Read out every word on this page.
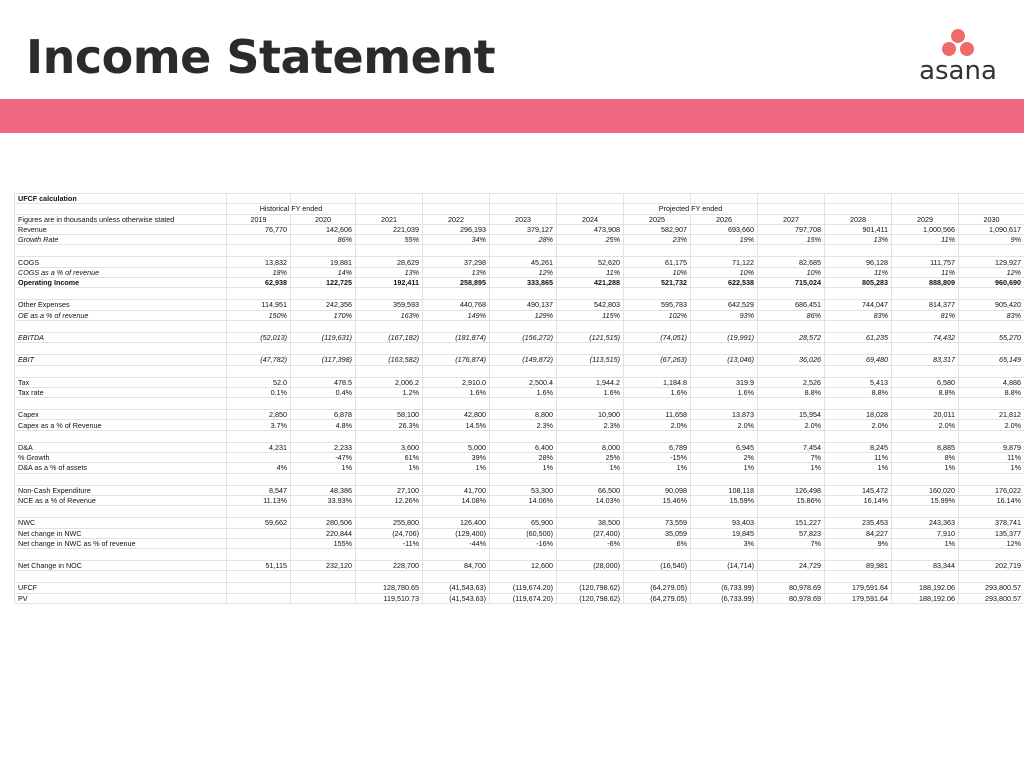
Income Statement	asana
UFCF calculation												
	Historical FY ended						Projected FY ended					
Figures are in thousands unless otherwise stated	2019	2020	2021	2022	2023	2024	2025	2026	2027	2028	2029	2030
Revenue	76,770	142,606	221,039	296,193	379,127	473,908	582,907	693,660	797,708	901,411	1,000,566	1,090,617
Growth Rate		86%	55%	34%	28%	25%	23%	19%	15%	13%	11%	9%

COGS	13,832	19,881	28,629	37,298	45,261	52,620	61,175	71,122	82,685	96,128	111,757	129,927
COGS as a % of revenue	18%	14%	13%	13%	12%	11%	10%	10%	10%	11%	11%	12%
Operating Income	62,938	122,725	192,411	258,895	333,865	421,288	521,732	622,538	715,024	805,283	888,809	960,690

Other Expenses	114,951	242,356	359,593	440,768	490,137	542,803	595,783	642,529	686,451	744,047	814,377	905,420
OE as a % of revenue	150%	170%	163%	149%	129%	115%	102%	93%	86%	83%	81%	83%

EBITDA	(52,013)	(119,631)	(167,182)	(181,874)	(156,272)	(121,515)	(74,051)	(19,991)	28,572	61,235	74,432	55,270

EBIT	(47,782)	(117,398)	(163,582)	(176,874)	(149,872)	(113,515)	(67,263)	(13,046)	36,026	69,480	83,317	65,149

Tax	52.0	478.5	2,006.2	2,910.0	2,500.4	1,944.2	1,184.8	319.9	2,526	5,413	6,580	4,886
Tax rate	0.1%	0.4%	1.2%	1.6%	1.6%	1.6%	1.6%	1.6%	8.8%	8.8%	8.8%	8.8%

Capex	2,850	6,878	58,100	42,800	8,800	10,900	11,658	13,873	15,954	18,028	20,011	21,812
Capex as a % of Revenue	3.7%	4.8%	26.3%	14.5%	2.3%	2.3%	2.0%	2.0%	2.0%	2.0%	2.0%	2.0%

D&A	4,231	2,233	3,600	5,000	6,400	8,000	6,789	6,945	7,454	8,245	8,885	9,879
% Growth		-47%	61%	39%	28%	25%	-15%	2%	7%	11%	8%	11%
D&A as a % of assets	4%	1%	1%	1%	1%	1%	1%	1%	1%	1%	1%	1%

Non-Cash Expenditure	8,547	48,386	27,100	41,700	53,300	66,500	90,098	108,118	126,498	145,472	160,020	176,022
NCE as a % of Revenue	11.13%	33.93%	12.26%	14.08%	14.06%	14.03%	15.46%	15.59%	15.86%	16.14%	15.99%	16.14%

NWC	59,662	280,506	255,800	126,400	65,900	38,500	73,559	93,403	151,227	235,453	243,363	378,741
Net change in NWC		220,844	(24,706)	(129,400)	(60,500)	(27,400)	35,059	19,845	57,823	84,227	7,910	135,377
Net change in NWC as % of revenue		155%	-11%	-44%	-16%	-6%	6%	3%	7%	9%	1%	12%

Net Change in NOC	51,115	232,120	228,700	84,700	12,600	(28,000)	(16,540)	(14,714)	24,729	89,981	83,344	202,719

UFCF			128,780.65	(41,543.63)	(119,674.20)	(120,798.62)	(64,279.05)	(6,733.99)	80,978.69	179,591.64	188,192.06	293,800.57
PV			119,510.73	(41,543.63)	(119,674.20)	(120,798.62)	(64,279.05)	(6,733.99)	80,978.69	179,591.64	188,192.06	293,800.57
